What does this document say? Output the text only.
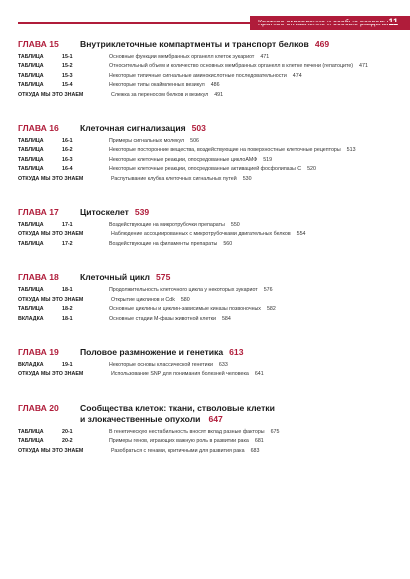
ГЛАВА 15	Внутриклеточные компартменты и транспорт белков 469
ТАБЛИЦА	15-1	Основные функции мембранных органелл клеток эукариот 471
ТАБЛИЦА	15-2	Относительный объем и количество основных мембранных органелл в клетке печени (гепатоците) 471
ТАБЛИЦА	15-3	Некоторые типичные сигнальные аминокислотные последовательности 474
ТАБЛИЦА	15-4	Некоторые типы окаймленных везикул 486
ОТКУДА МЫ ЭТО ЗНАЕМ	Слежка за переносом белков и везикул 491
ГЛАВА 16	Клеточная сигнализация 503
ТАБЛИЦА	16-1	Примеры сигнальных молекул 506
ТАБЛИЦА	16-2	Некоторые посторонние вещества, воздействующие на поверхностные клеточные рецепторы 513
ТАБЛИЦА	16-3	Некоторые клеточные реакции, опосредованные циклоАМФ 519
ТАБЛИЦА	16-4	Некоторые клеточные реакции, опосредованные активацией фосфолипазы С 520
ОТКУДА МЫ ЭТО ЗНАЕМ	Распутывание клубка клеточных сигнальных путей 530
ГЛАВА 17	Цитоскелет 539
ТАБЛИЦА	17-1	Воздействующие на микротрубочки препараты 550
ОТКУДА МЫ ЭТО ЗНАЕМ	Наблюдение ассоциированных с микротрубочками двигательных белков 554
ТАБЛИЦА	17-2	Воздействующие на филаменты препараты 560
ГЛАВА 18	Клеточный цикл 575
ТАБЛИЦА	18-1	Продолжительность клеточного цикла у некоторых эукариот 576
ОТКУДА МЫ ЭТО ЗНАЕМ	Открытие циклинов и Cdk 580
ТАБЛИЦА	18-2	Основные циклины и циклин-зависимые киназы позвоночных 582
ВКЛАДКА	18-1	Основные стадии М-фазы животной клетки 584
ГЛАВА 19	Половое размножение и генетика 613
ВКЛАДКА	19-1	Некоторые основы классической генетики 633
ОТКУДА МЫ ЭТО ЗНАЕМ	Использование SNP для понимания болезней человека 641
ГЛАВА 20	Сообщества клеток: ткани, стволовые клетки
и злокачественные опухоли 647
ТАБЛИЦА	20-1	В генетическую нестабильность вносят вклад разные факторы 675
ТАБЛИЦА	20-2	Примеры генов, играющих важную роль в развитии рака 681
ОТКУДА МЫ ЭТО ЗНАЕМ	Разобраться с генами, критичными для развития рака 683
